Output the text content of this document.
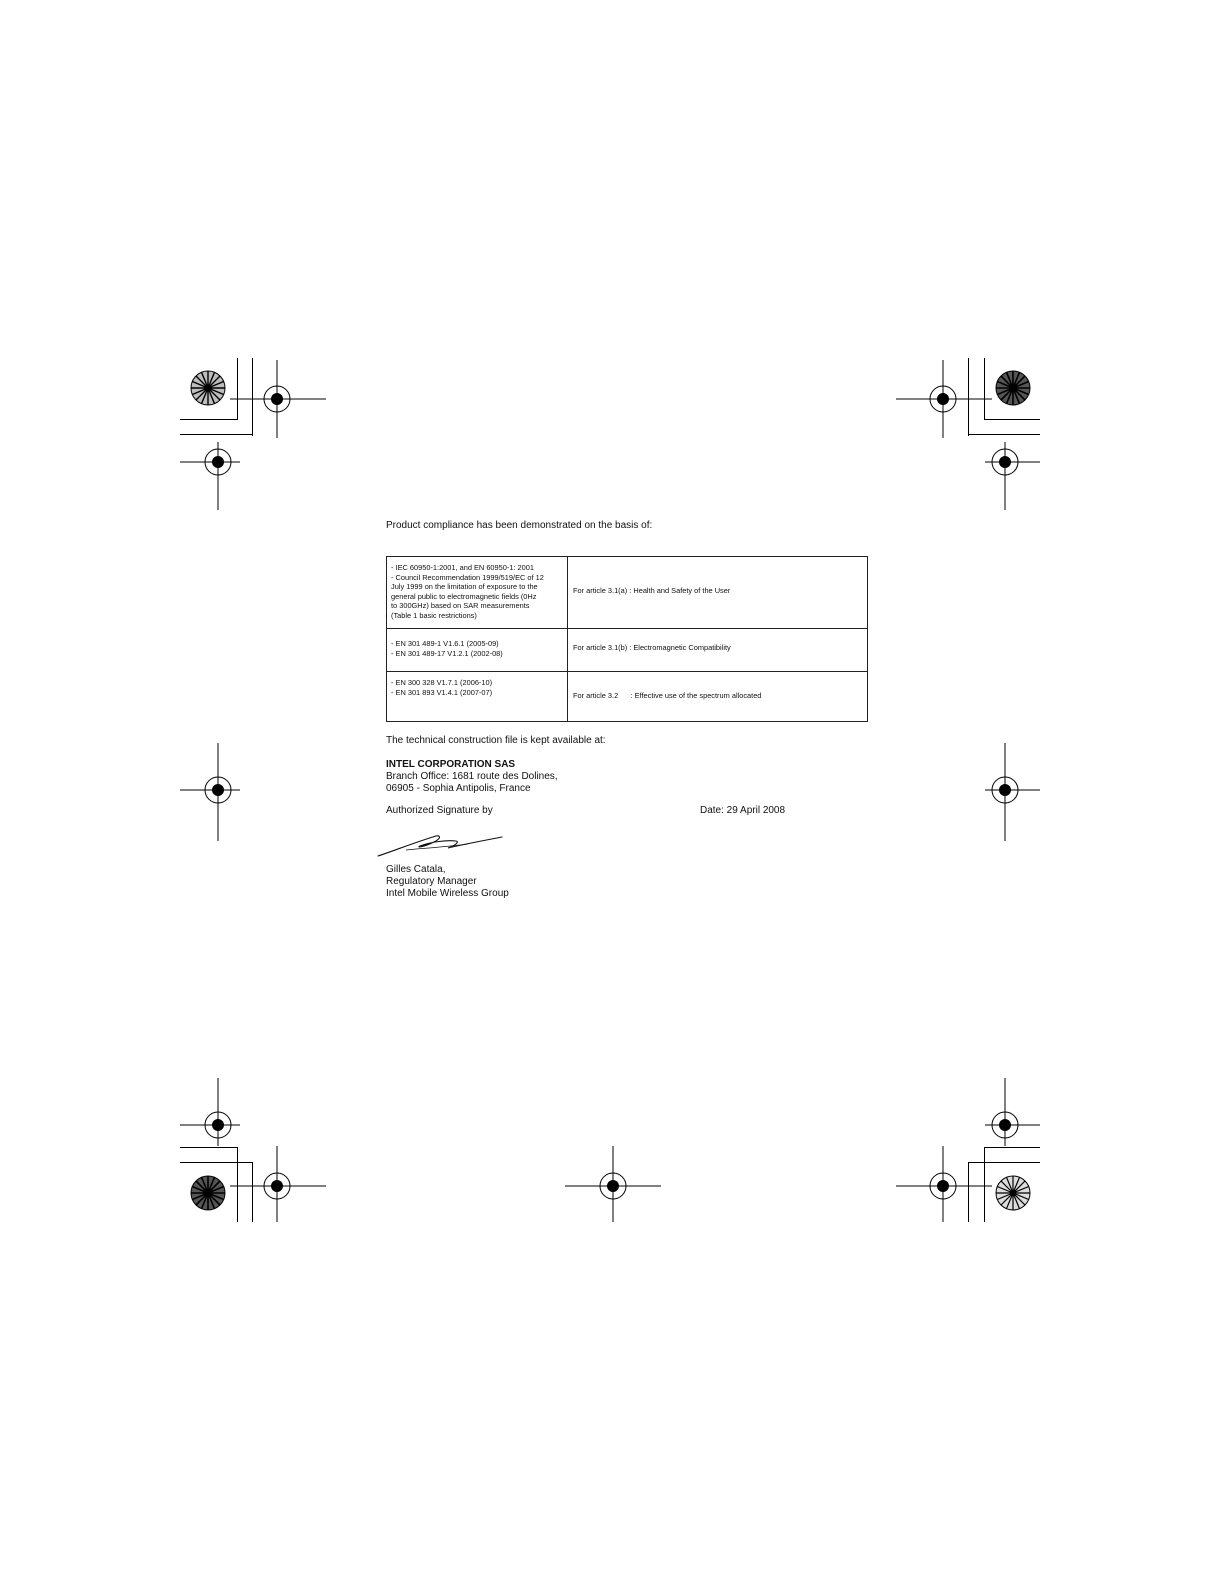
Product compliance has been demonstrated on the basis of:
- IEC 60950-1:2001, and EN 60950-1: 2001
- Council Recommendation 1999/519/EC of 12
July 1999 on the limitation of exposure to the
general public to electromagnetic fields (0Hz
to 300GHz) based on SAR measurements
(Table 1 basic restrictions)
For article 3.1(a) : Health and Safety of the User
- EN 301 489-1 V1.6.1 (2005-09)
- EN 301 489-17 V1.2.1 (2002-08)
For article 3.1(b) : Electromagnetic Compatibility
- EN 300 328 V1.7.1 (2006-10)
- EN 301 893 V1.4.1 (2007-07)	For article 3.2      : Effective use of the spectrum allocated
The technical construction file is kept available at:
INTEL CORPORATION SAS
Branch Office: 1681 route des Dolines,
06905 - Sophia Antipolis, France
Authorized Signature by	Date: 29 April 2008
Gilles Catala,
Regulatory Manager
Intel Mobile Wireless Group
